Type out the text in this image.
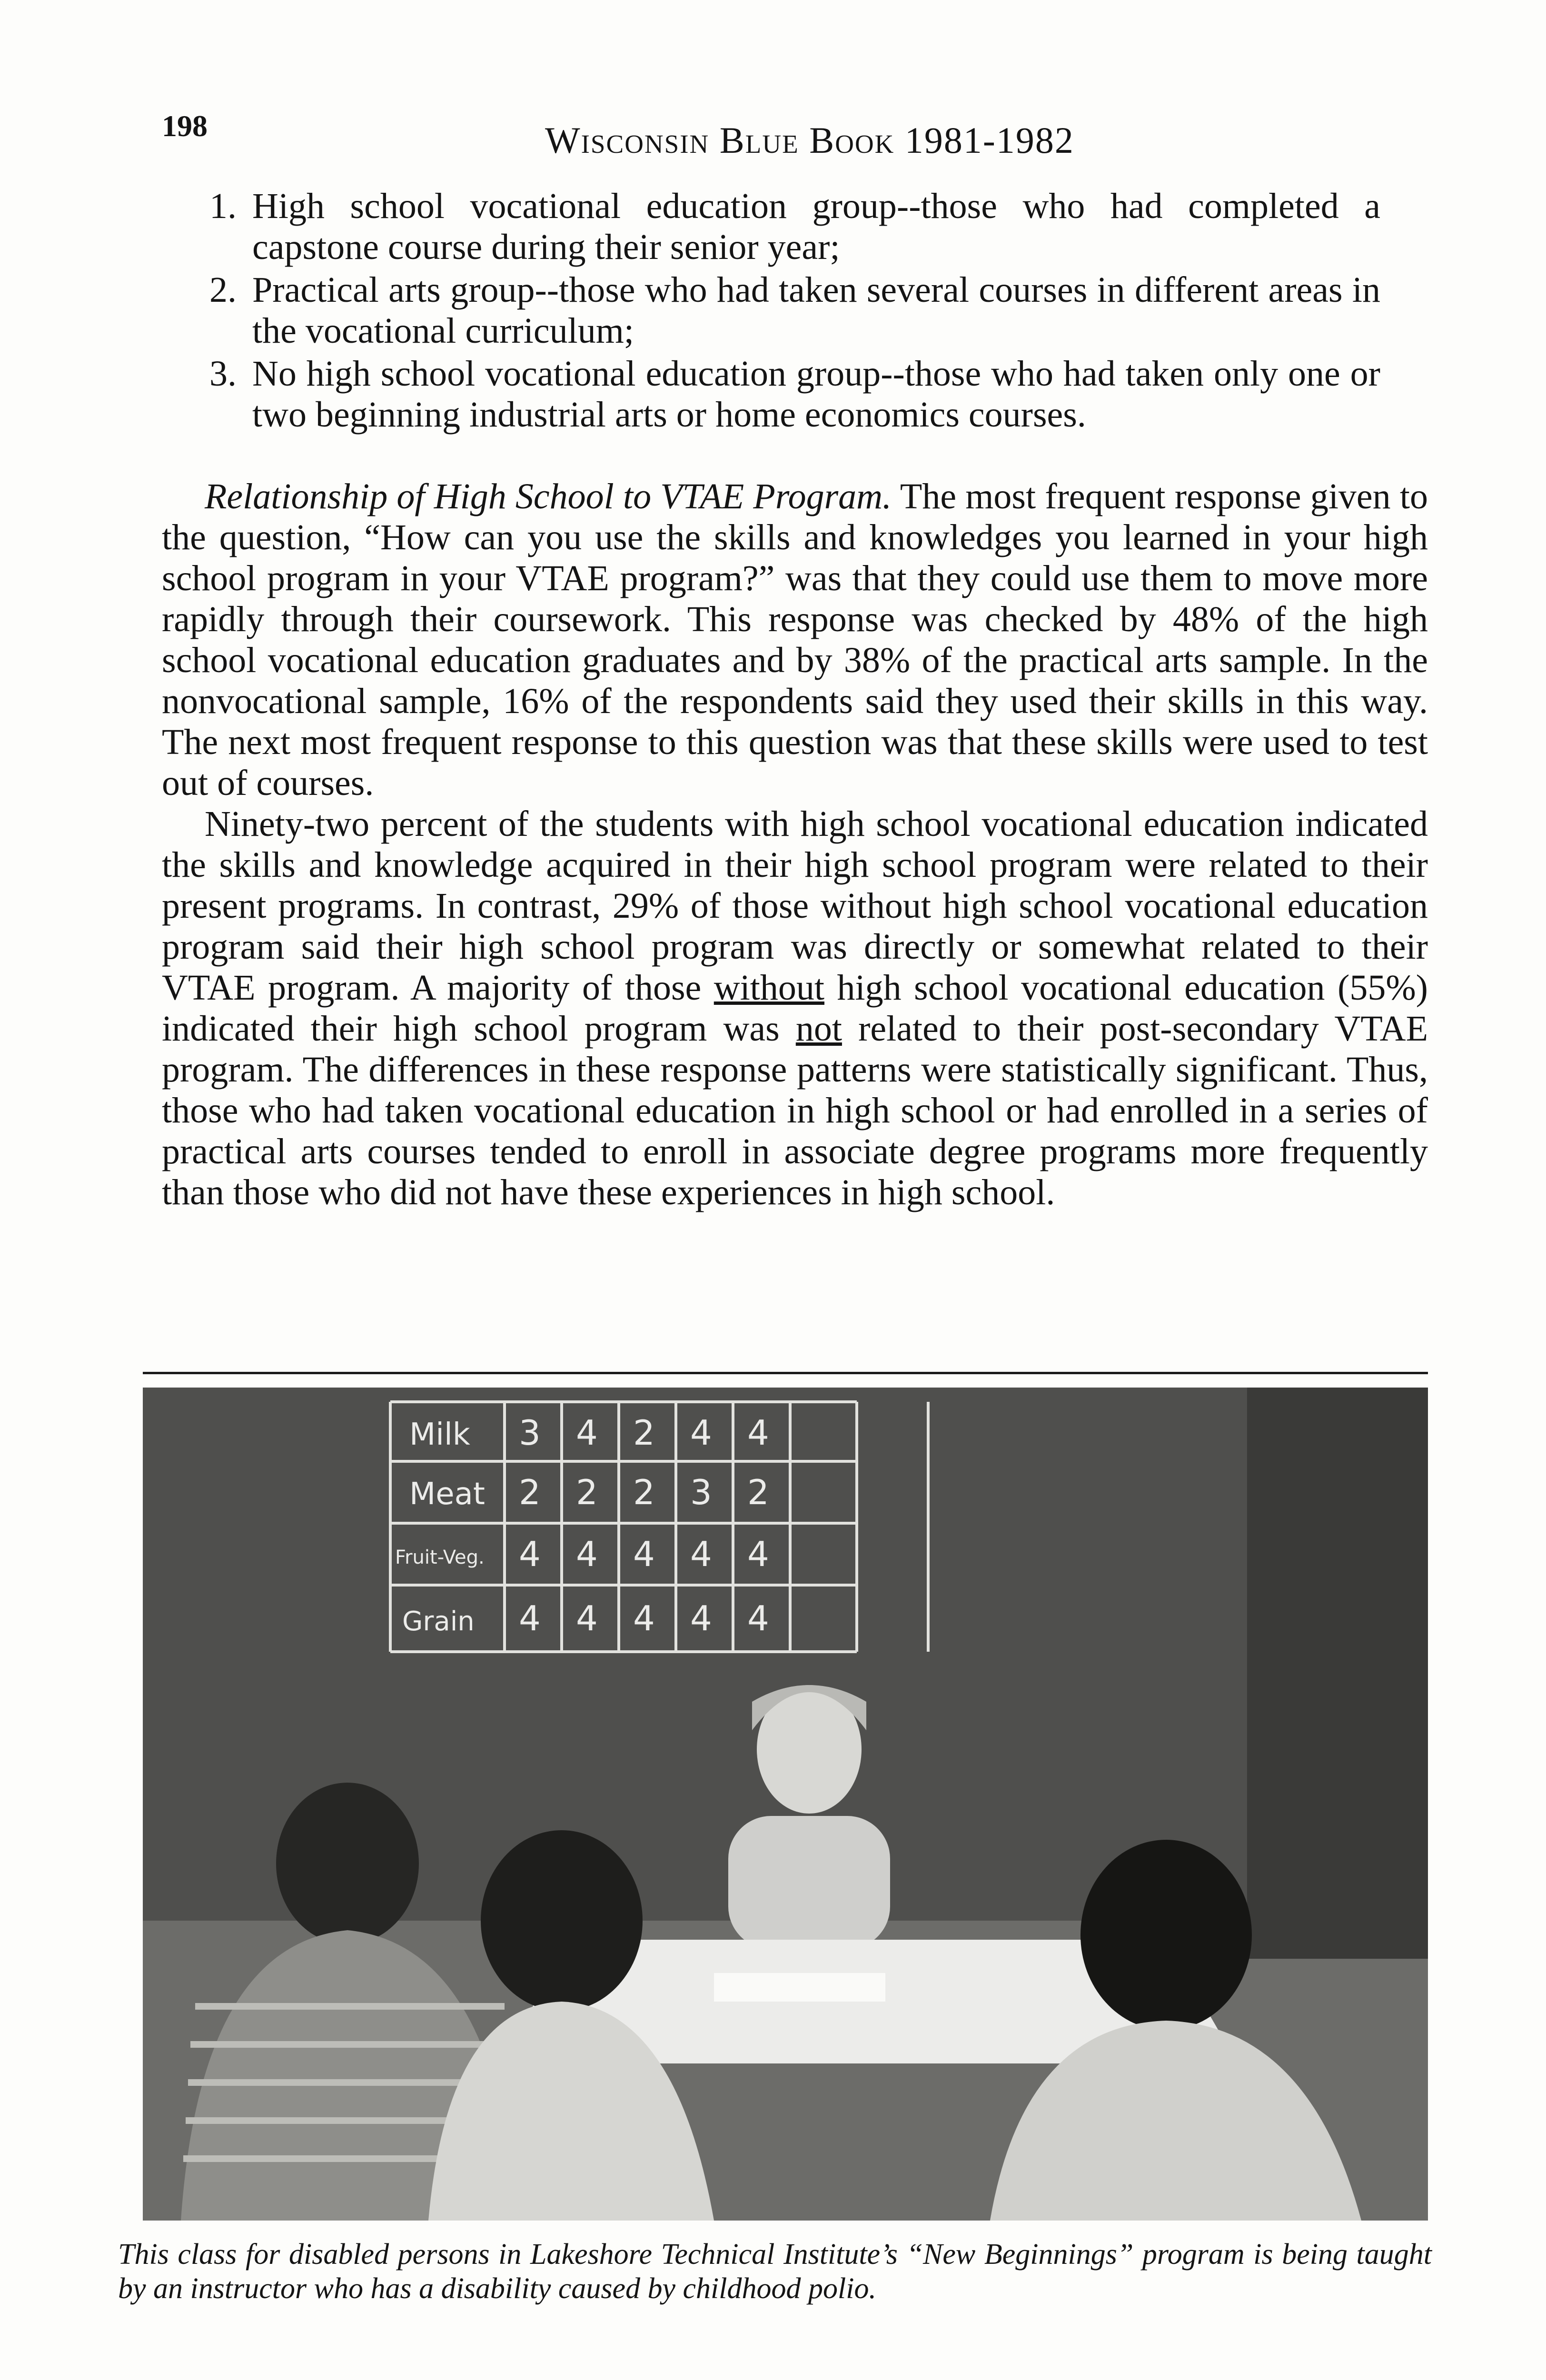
198	Wisconsin Blue Book 1981-1982
1. High school vocational education group--those who had completed a capstone course during their senior year;
2. Practical arts group--those who had taken several courses in different areas in the vocational curriculum;
3. No high school vocational education group--those who had taken only one or two beginning industrial arts or home economics courses.

Relationship of High School to VTAE Program. The most frequent response given to the question, “How can you use the skills and knowledges you learned in your high school program in your VTAE program?” was that they could use them to move more rapidly through their coursework. This response was checked by 48% of the high school vocational education graduates and by 38% of the practical arts sample. In the nonvocational sample, 16% of the respondents said they used their skills in this way. The next most frequent response to this question was that these skills were used to test out of courses.

Ninety-two percent of the students with high school vocational education indicated the skills and knowledge acquired in their high school program were related to their present programs. In contrast, 29% of those without high school vocational education program said their high school program was directly or somewhat related to their VTAE program. A majority of those without high school vocational education (55%) indicated their high school program was not related to their post-secondary VTAE program. The differences in these response patterns were statistically significant. Thus, those who had taken vocational education in high school or had enrolled in a series of practical arts courses tended to enroll in associate degree programs more frequently than those who did not have these experiences in high school.

Milk 3 4 2 4 4
Meat 2 2 2 3 2
Fruit-Veg. 4 4 4 4 4
Grain 4 4 4 4 4
This class for disabled persons in Lakeshore Technical Institute’s “New Beginnings” program is being taught by an instructor who has a disability caused by childhood polio.
